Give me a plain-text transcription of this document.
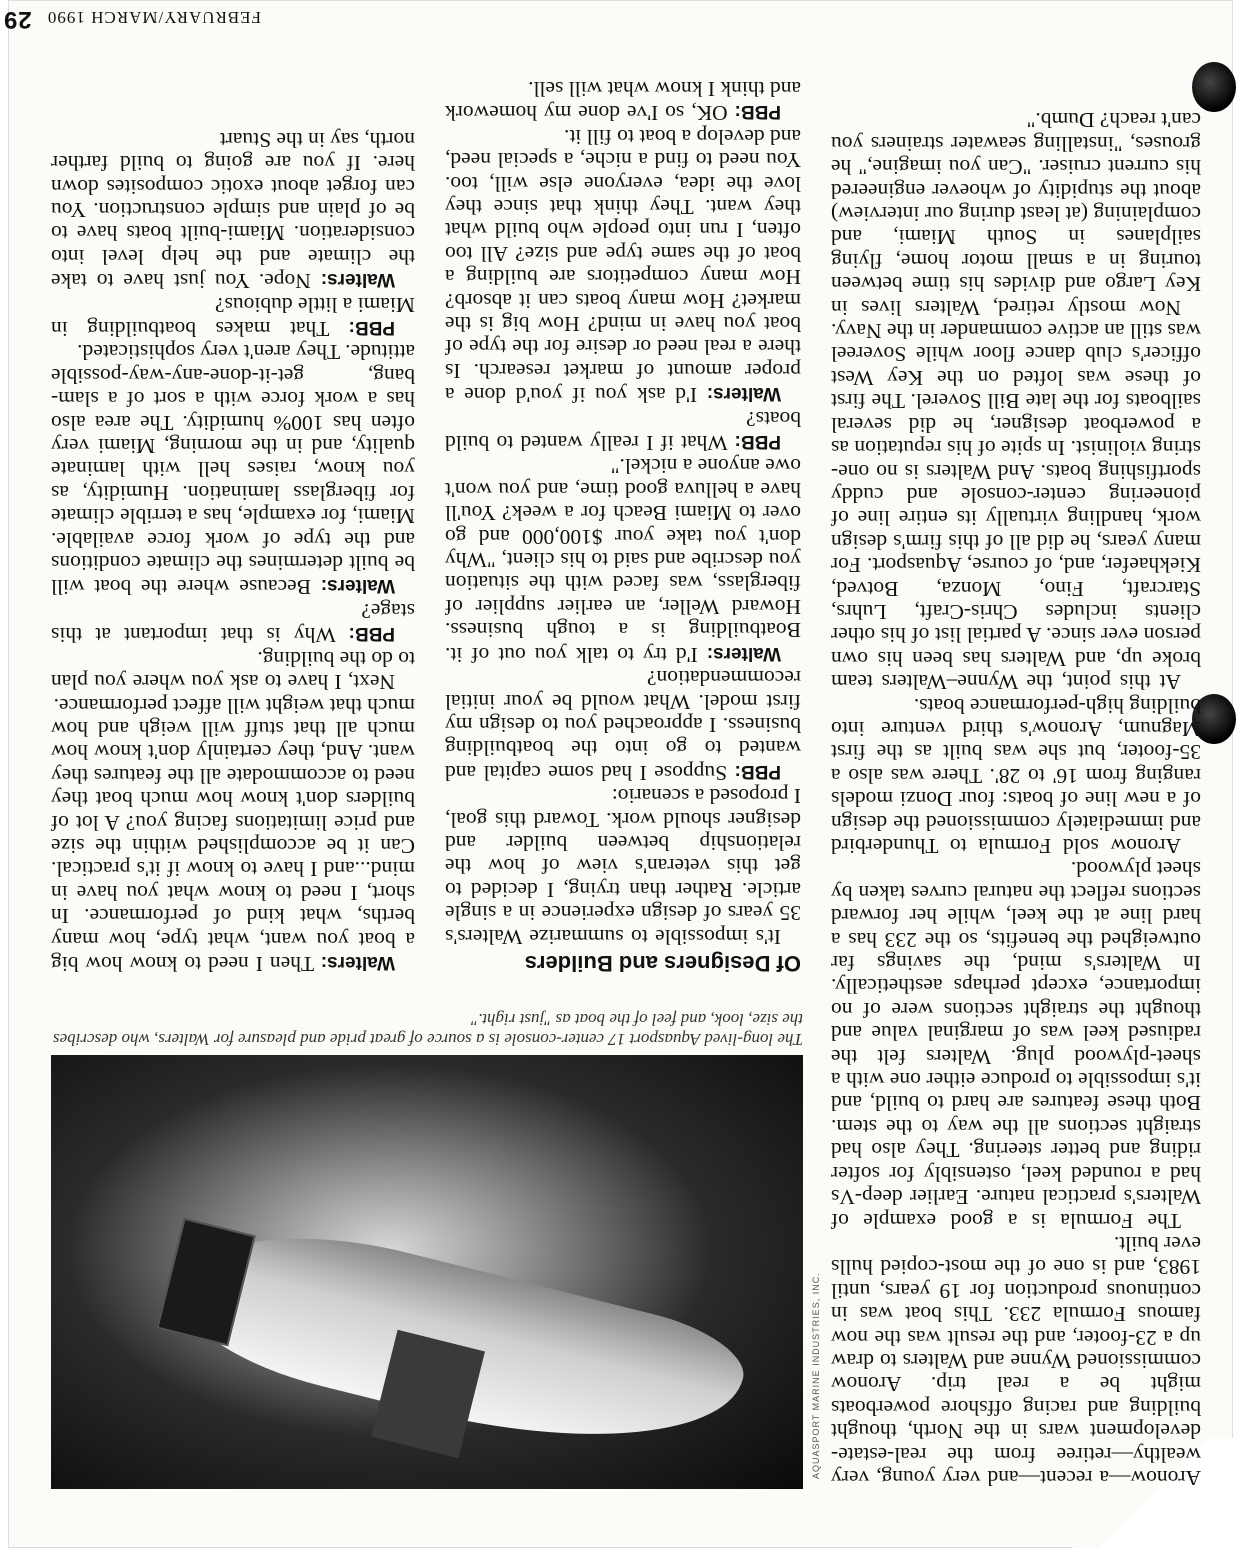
FEBRUARY/MARCH 1990 29
AQUASPORT MARINE INDUSTRIES, INC.
The long-lived Aquasport 17 center-console is a source of great pride and pleasure for Walters, who describes the size, look, and feel of the boat as "just right."

Aronow—a recent—and very young, very wealthy—retiree from the real-estate-development wars in the North, thought building and racing offshore powerboats might be a real trip. Aronow commissioned Wynne and Walters to draw up a 23-footer, and the result was the now famous Formula 233. This boat was in continuous production for 19 years, until 1983, and is one of the most-copied hulls ever built.

The Formula is a good example of Walters's practical nature. Earlier deep-Vs had a rounded keel, ostensibly for softer riding and better steering. They also had straight sections all the way to the stem. Both these features are hard to build, and it's impossible to produce either one with a sheet-plywood plug. Walters felt the radiused keel was of marginal value and thought the straight sections were of no importance, except perhaps aesthetically. In Walters's mind, the savings far outweighed the benefits, so the 233 has a hard line at the keel, while her forward sections reflect the natural curves taken by sheet plywood.

Aronow sold Formula to Thunderbird and immediately commissioned the design of a new line of boats: four Donzi models ranging from 16' to 28'. There was also a 35-footer, but she was built as the first Magnum, Aronow's third venture into building high-performance boats.

At this point, the Wynne–Walters team broke up, and Walters has been his own person ever since. A partial list of his other clients includes Chris-Craft, Luhrs, Starcraft, Fino, Monza, Botved, Kiekhaefer, and, of course, Aquasport. For many years, he did all of this firm's design work, handling virtually its entire line of pioneering center-console and cuddy sportfishing boats. And Walters is no one-string violinist. In spite of his reputation as a powerboat designer, he did several sailboats for the late Bill Soverel. The first of these was lofted on the Key West officer's club dance floor while Sovereel was still an active commander in the Navy.

Now mostly retired, Walters lives in Key Largo and divides his time between touring in a small motor home, flying sailplanes in South Miami, and complaining (at least during our interview) about the stupidity of whoever engineered his current cruiser. "Can you imagine," he grouses, "installing seawater strainers you can't reach? Dumb."

Of Designers and Builders

It's impossible to summarize Walters's 35 years of design experience in a single article. Rather than trying, I decided to get this veteran's view of how the relationship between builder and designer should work. Toward this goal, I proposed a scenario:

PBB: Suppose I had some capital and wanted to go into the boatbuilding business. I approached you to design my first model. What would be your initial recommendation?

Walters: I'd try to talk you out of it. Boatbuilding is a tough business. Howard Weller, an earlier supplier of fiberglass, was faced with the situation you describe and said to his client, "Why don't you take your $100,000 and go over to Miami Beach for a week? You'll have a helluva good time, and you won't owe anyone a nickel."

PBB: What if I really wanted to build boats?

Walters: I'd ask you if you'd done a proper amount of market research. Is there a real need or desire for the type of boat you have in mind? How big is the market? How many boats can it absorb? How many competitors are building a boat of the same type and size? All too often, I run into people who build what they want. They think that since they love the idea, everyone else will, too. You need to find a niche, a special need, and develop a boat to fill it.

PBB: OK, so I've done my homework and think I know what will sell.

Walters: Then I need to know how big a boat you want, what type, how many berths, what kind of performance. In short, I need to know what you have in mind...and I have to know if it's practical. Can it be accomplished within the size and price limitations facing you? A lot of builders don't know how much boat they need to accommodate all the features they want. And, they certainly don't know how much all that stuff will weigh and how much that weight will affect performance.

Next, I have to ask you where you plan to do the building.

PBB: Why is that important at this stage?

Walters: Because where the boat will be built determines the climate conditions and the type of work force available. Miami, for example, has a terrible climate for fiberglass lamination. Humidity, as you know, raises hell with laminate quality, and in the morning, Miami very often has 100% humidity. The area also has a work force with a sort of a slam-bang, get-it-done-any-way-possible attitude. They aren't very sophisticated.

PBB: That makes boatbuilding in Miami a little dubious?

Walters: Nope. You just have to take the climate and the help level into consideration. Miami-built boats have to be of plain and simple construction. You can forget about exotic composites down here. If you are going to build farther north, say in the Stuart
